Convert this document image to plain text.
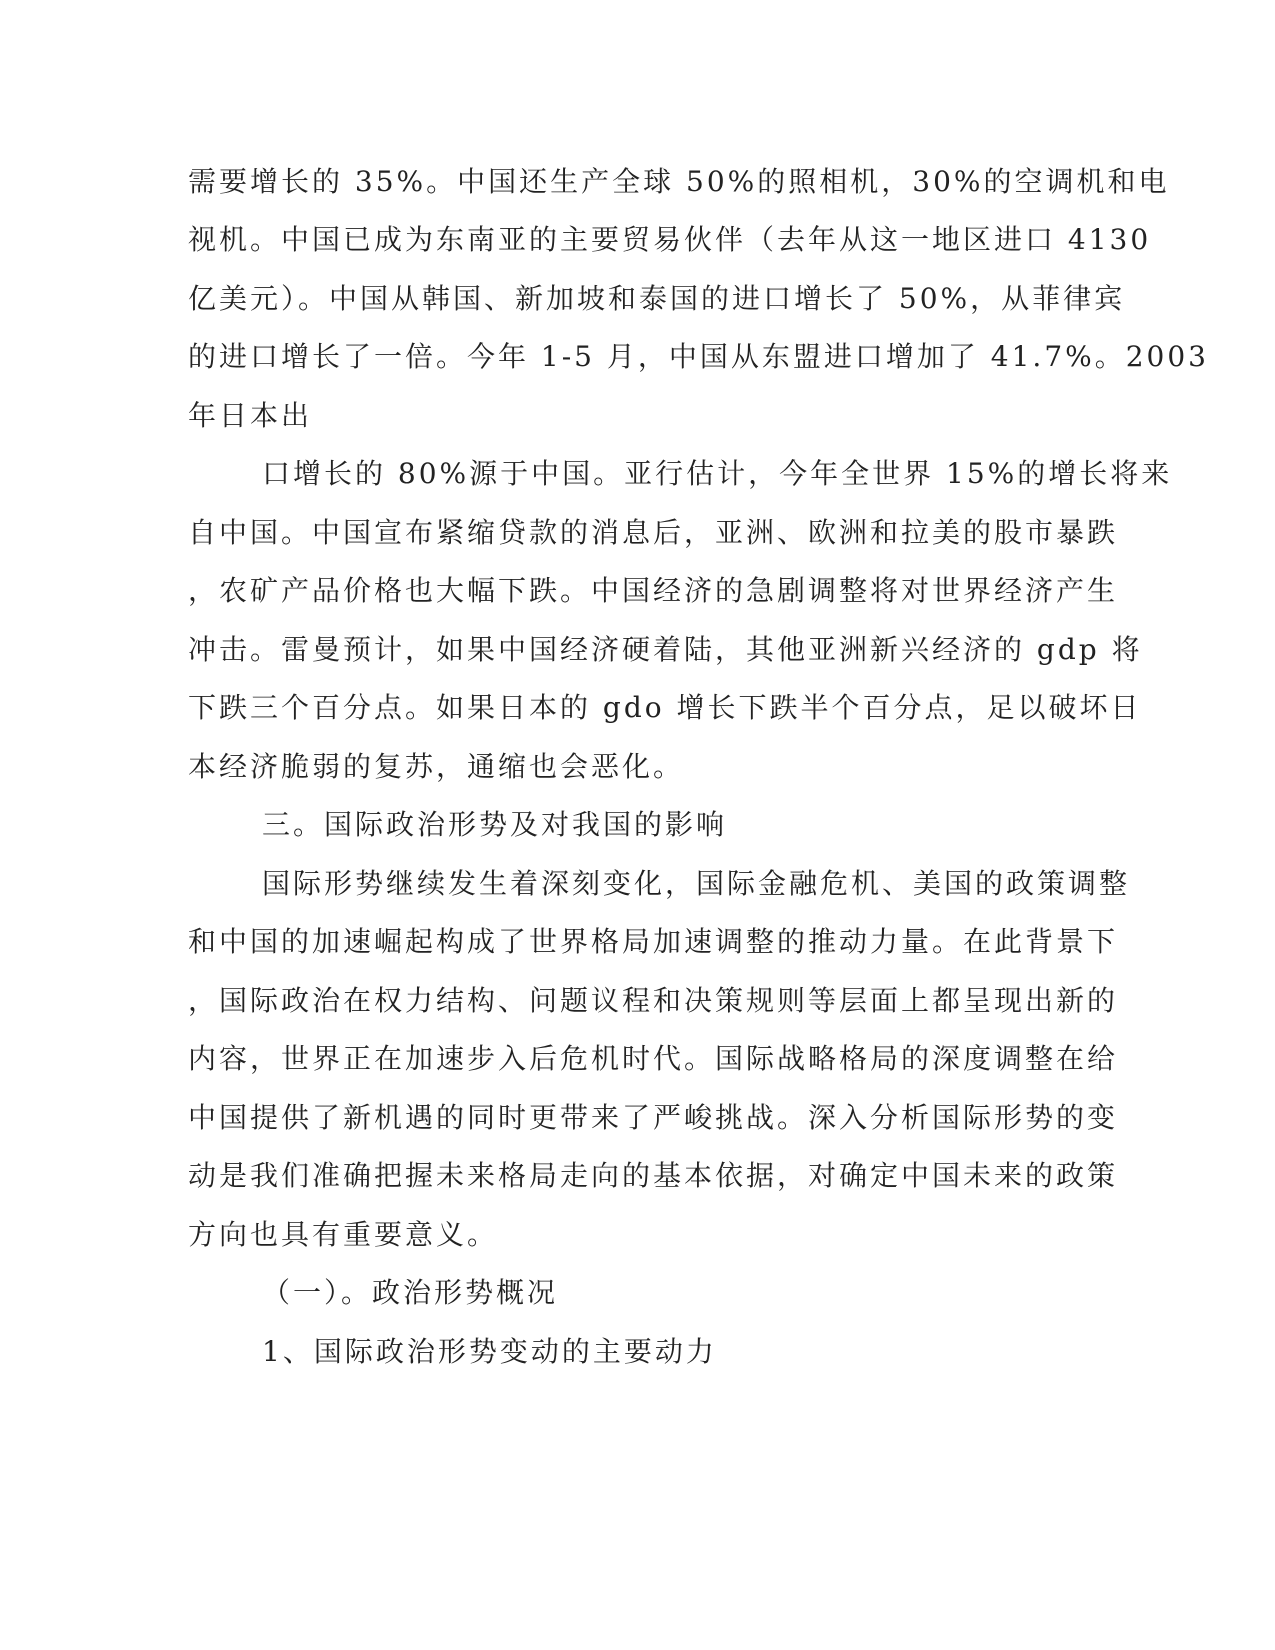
需要增长的 35%。中国还生产全球 50%的照相机，30%的空调机和电
视机。中国已成为东南亚的主要贸易伙伴（去年从这一地区进口 4130
亿美元）。中国从韩国、新加坡和泰国的进口增长了 50%，从菲律宾
的进口增长了一倍。今年 1-5 月，中国从东盟进口增加了 41.7%。2003
年日本出
口增长的 80%源于中国。亚行估计，今年全世界 15%的增长将来
自中国。中国宣布紧缩贷款的消息后，亚洲、欧洲和拉美的股市暴跌
，农矿产品价格也大幅下跌。中国经济的急剧调整将对世界经济产生
冲击。雷曼预计，如果中国经济硬着陆，其他亚洲新兴经济的 gdp 将
下跌三个百分点。如果日本的 gdo 增长下跌半个百分点，足以破坏日
本经济脆弱的复苏，通缩也会恶化。
三。国际政治形势及对我国的影响
国际形势继续发生着深刻变化，国际金融危机、美国的政策调整
和中国的加速崛起构成了世界格局加速调整的推动力量。在此背景下
，国际政治在权力结构、问题议程和决策规则等层面上都呈现出新的
内容，世界正在加速步入后危机时代。国际战略格局的深度调整在给
中国提供了新机遇的同时更带来了严峻挑战。深入分析国际形势的变
动是我们准确把握未来格局走向的基本依据，对确定中国未来的政策
方向也具有重要意义。
（一）。政治形势概况
1、国际政治形势变动的主要动力
